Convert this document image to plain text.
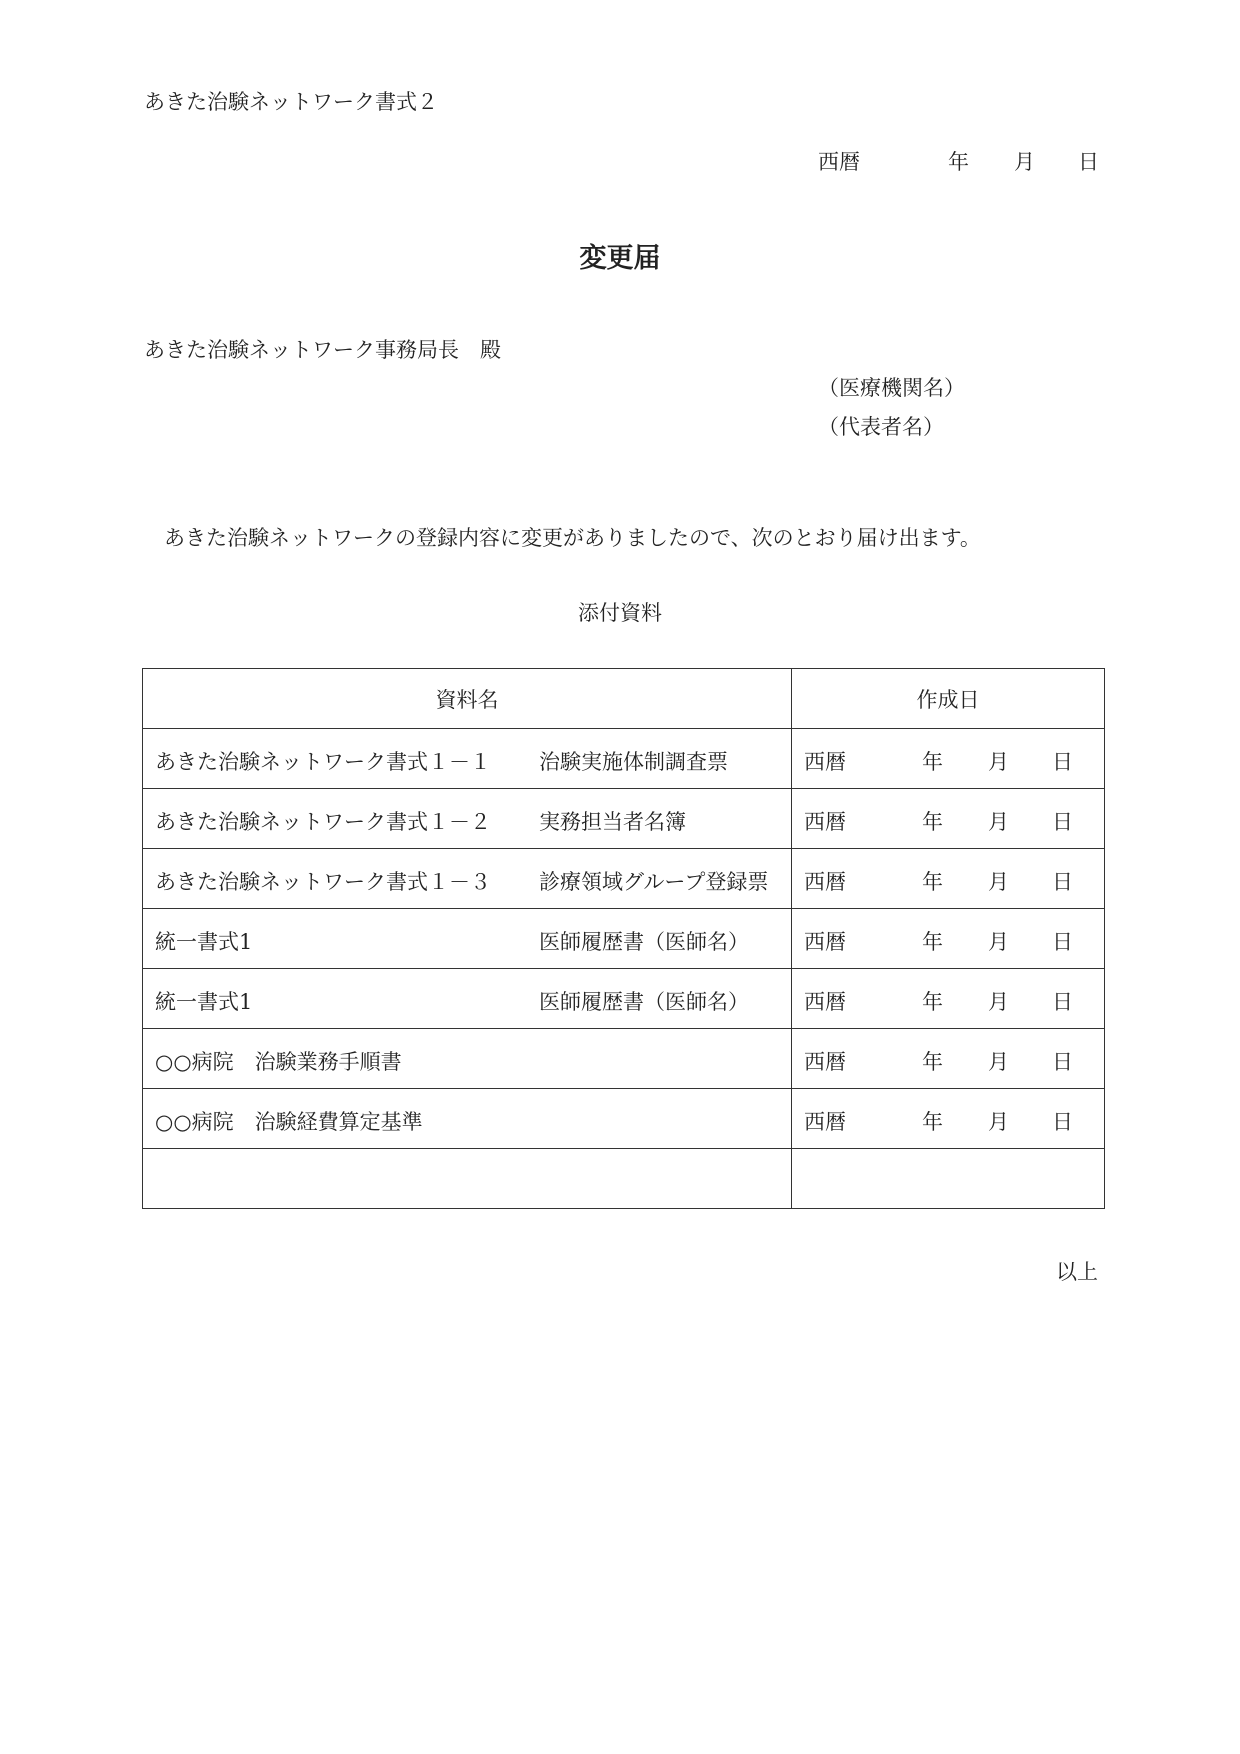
あきた治験ネットワーク書式２
西暦	年 月 日
変更届
あきた治験ネットワーク事務局長　殿
（医療機関名）
（代表者名）
あきた治験ネットワークの登録内容に変更がありましたので、次のとおり届け出ます。
添付資料
資料名	作成日

あきた治験ネットワーク書式１－１ 治験実施体制調査票	西暦 年 月 日

あきた治験ネットワーク書式１－２ 実務担当者名簿	西暦 年 月 日

あきた治験ネットワーク書式１－３ 診療領域グループ登録票	西暦 年 月 日

統一書式1 医師履歴書（医師名）	西暦 年 月 日

統一書式1 医師履歴書（医師名）	西暦 年 月 日

○○病院　治験業務手順書	西暦 年 月 日

○○病院　治験経費算定基準	西暦 年 月 日

以上
